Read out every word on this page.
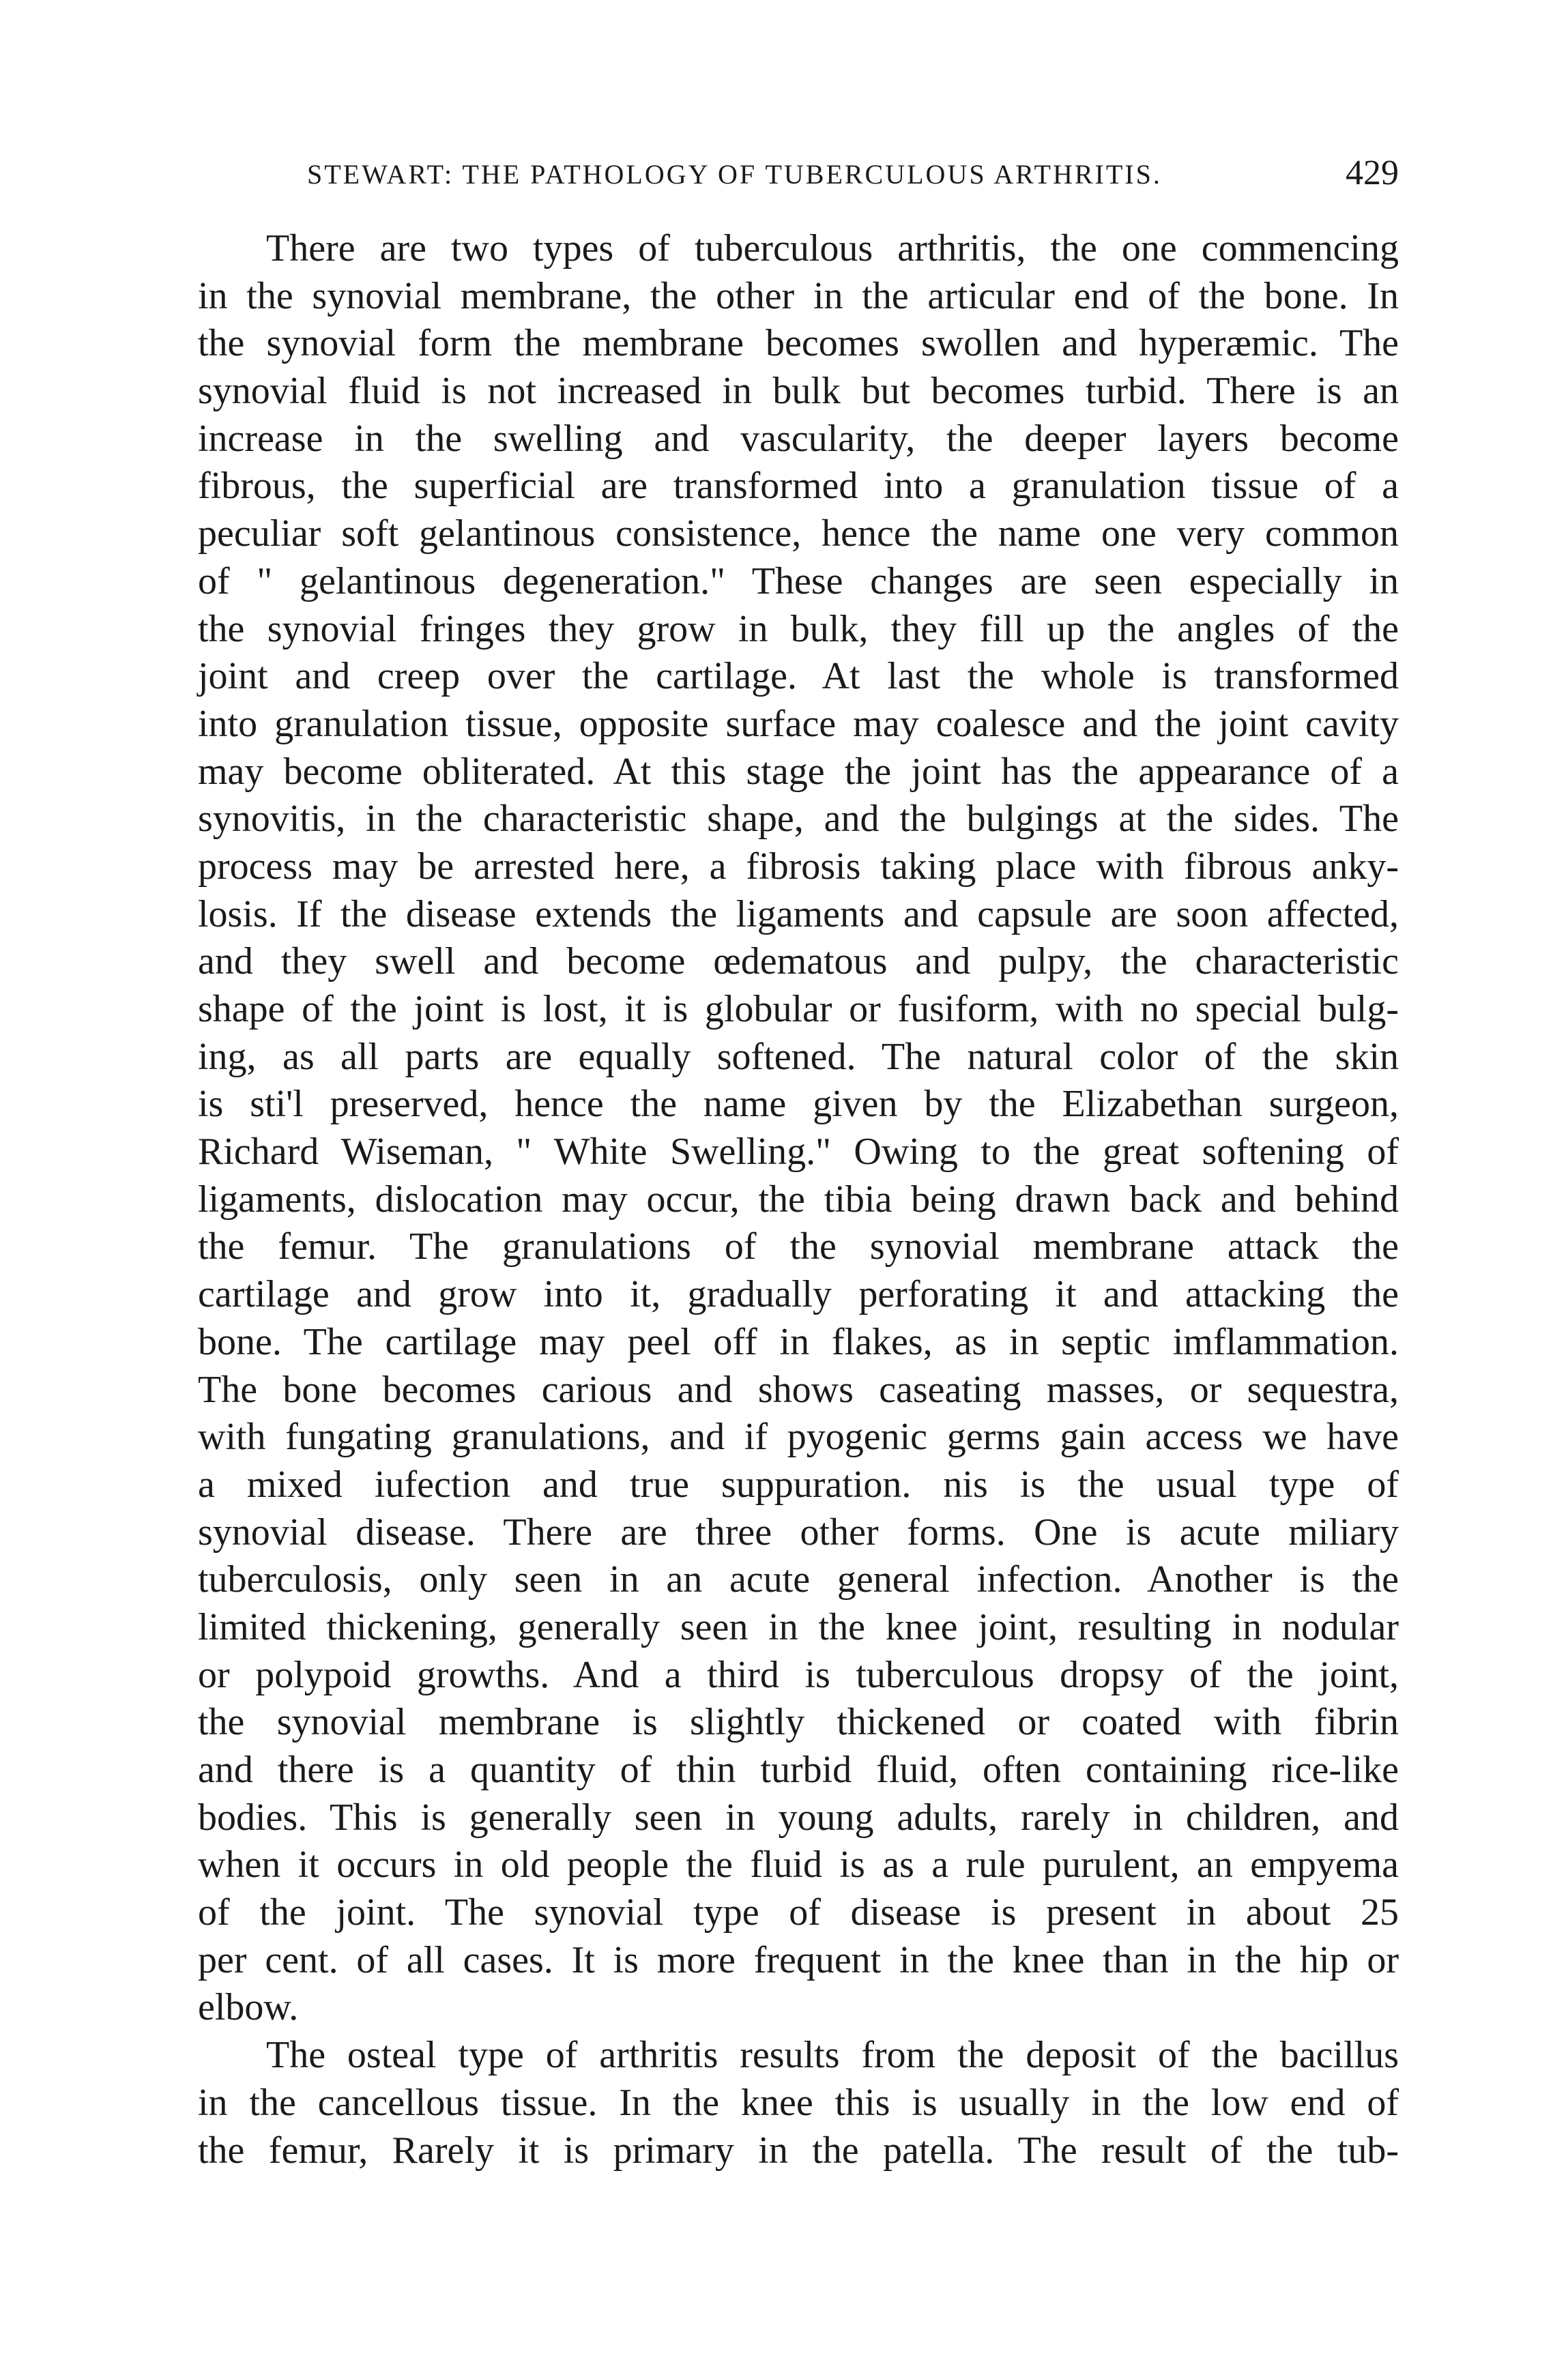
STEWART: THE PATHOLOGY OF TUBERCULOUS ARTHRITIS.	429
There are two types of tuberculous arthritis, the one commencing
in the synovial membrane, the other in the articular end of the bone. In
the synovial form the membrane becomes swollen and hyperæmic. The
synovial fluid is not increased in bulk but becomes turbid. There is an
increase in the swelling and vascularity, the deeper layers become
fibrous, the superficial are transformed into a granulation tissue of a
peculiar soft gelantinous consistence, hence the name one very common
of " gelantinous degeneration." These changes are seen especially in
the synovial fringes they grow in bulk, they fill up the angles of the
joint and creep over the cartilage. At last the whole is transformed
into granulation tissue, opposite surface may coalesce and the joint cavity
may become obliterated. At this stage the joint has the appearance of a
synovitis, in the characteristic shape, and the bulgings at the sides. The
process may be arrested here, a fibrosis taking place with fibrous anky-
losis. If the disease extends the ligaments and capsule are soon affected,
and they swell and become œdematous and pulpy, the characteristic
shape of the joint is lost, it is globular or fusiform, with no special bulg-
ing, as all parts are equally softened. The natural color of the skin
is sti'l preserved, hence the name given by the Elizabethan surgeon,
Richard Wiseman, " White Swelling." Owing to the great softening of
ligaments, dislocation may occur, the tibia being drawn back and behind
the femur. The granulations of the synovial membrane attack the
cartilage and grow into it, gradually perforating it and attacking the
bone. The cartilage may peel off in flakes, as in septic imflammation.
The bone becomes carious and shows caseating masses, or sequestra,
with fungating granulations, and if pyogenic germs gain access we have
a mixed iufection and true suppuration. nis is the usual type of
synovial disease. There are three other forms. One is acute miliary
tuberculosis, only seen in an acute general infection. Another is the
limited thickening, generally seen in the knee joint, resulting in nodular
or polypoid growths. And a third is tuberculous dropsy of the joint,
the synovial membrane is slightly thickened or coated with fibrin
and there is a quantity of thin turbid fluid, often containing rice-like
bodies. This is generally seen in young adults, rarely in children, and
when it occurs in old people the fluid is as a rule purulent, an empyema
of the joint. The synovial type of disease is present in about 25
per cent. of all cases. It is more frequent in the knee than in the hip or
elbow.
The osteal type of arthritis results from the deposit of the bacillus
in the cancellous tissue. In the knee this is usually in the low end of
the femur, Rarely it is primary in the patella. The result of the tub-
